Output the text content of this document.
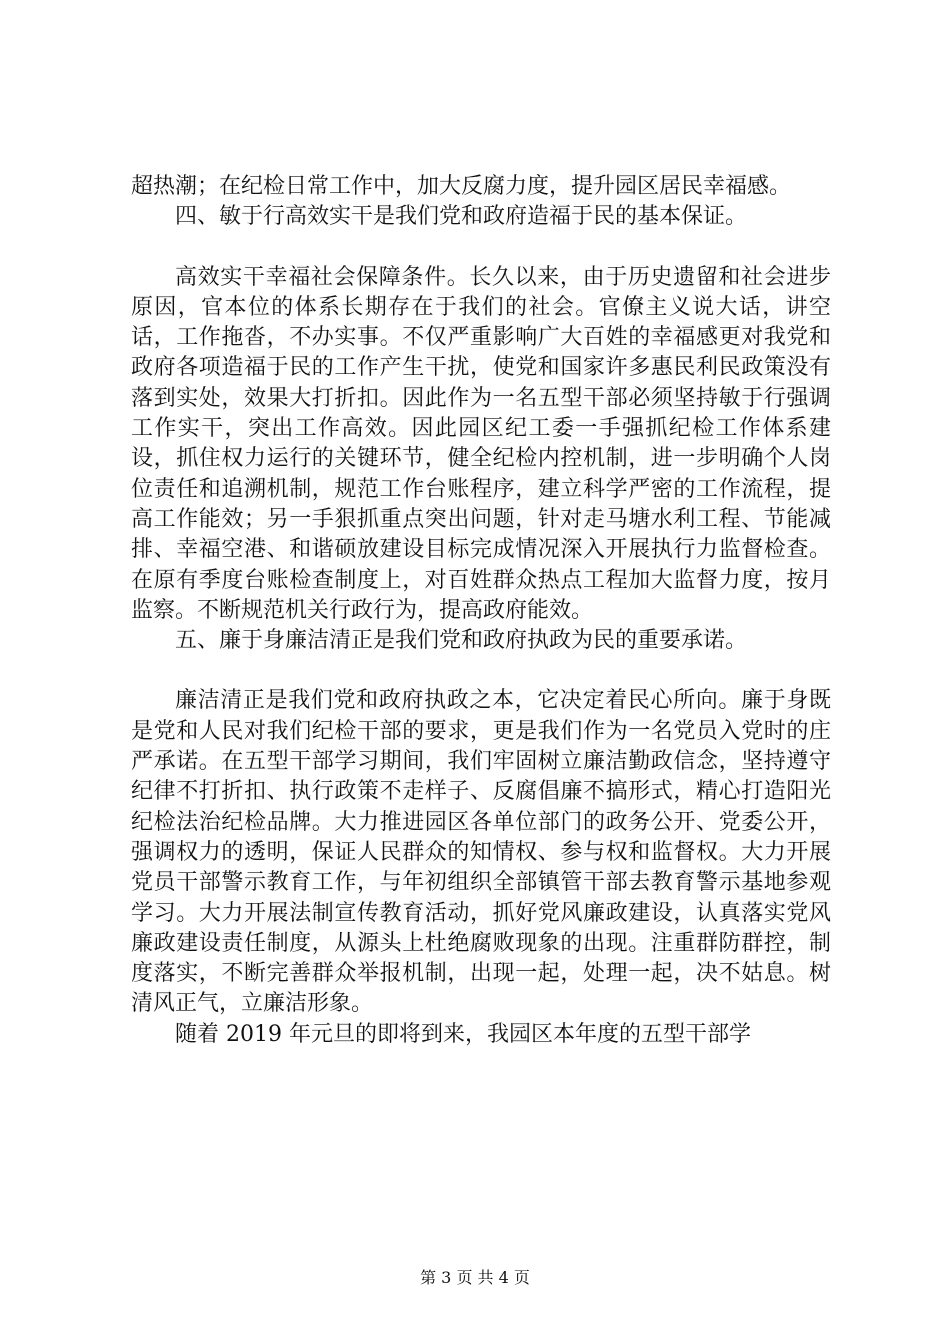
超热潮；在纪检日常工作中，加大反腐力度，提升园区居民幸福感。

四、敏于行高效实干是我们党和政府造福于民的基本保证。

高效实干幸福社会保障条件。长久以来，由于历史遗留和社会进步原因，官本位的体系长期存在于我们的社会。官僚主义说大话，讲空话，工作拖沓，不办实事。不仅严重影响广大百姓的幸福感更对我党和政府各项造福于民的工作产生干扰，使党和国家许多惠民利民政策没有落到实处，效果大打折扣。因此作为一名五型干部必须坚持敏于行强调工作实干，突出工作高效。因此园区纪工委一手强抓纪检工作体系建设，抓住权力运行的关键环节，健全纪检内控机制，进一步明确个人岗位责任和追溯机制，规范工作台账程序，建立科学严密的工作流程，提高工作能效；另一手狠抓重点突出问题，针对走马塘水利工程、节能减排、幸福空港、和谐硕放建设目标完成情况深入开展执行力监督检查。在原有季度台账检查制度上，对百姓群众热点工程加大监督力度，按月监察。不断规范机关行政行为，提高政府能效。

五、廉于身廉洁清正是我们党和政府执政为民的重要承诺。

廉洁清正是我们党和政府执政之本，它决定着民心所向。廉于身既是党和人民对我们纪检干部的要求，更是我们作为一名党员入党时的庄严承诺。在五型干部学习期间，我们牢固树立廉洁勤政信念，坚持遵守纪律不打折扣、执行政策不走样子、反腐倡廉不搞形式，精心打造阳光纪检法治纪检品牌。大力推进园区各单位部门的政务公开、党委公开，强调权力的透明，保证人民群众的知情权、参与权和监督权。大力开展党员干部警示教育工作，与年初组织全部镇管干部去教育警示基地参观学习。大力开展法制宣传教育活动，抓好党风廉政建设，认真落实党风廉政建设责任制度，从源头上杜绝腐败现象的出现。注重群防群控，制度落实，不断完善群众举报机制，出现一起，处理一起，决不姑息。树清风正气，立廉洁形象。

随着 2019 年元旦的即将到来，我园区本年度的五型干部学

第 3 页 共 4 页
